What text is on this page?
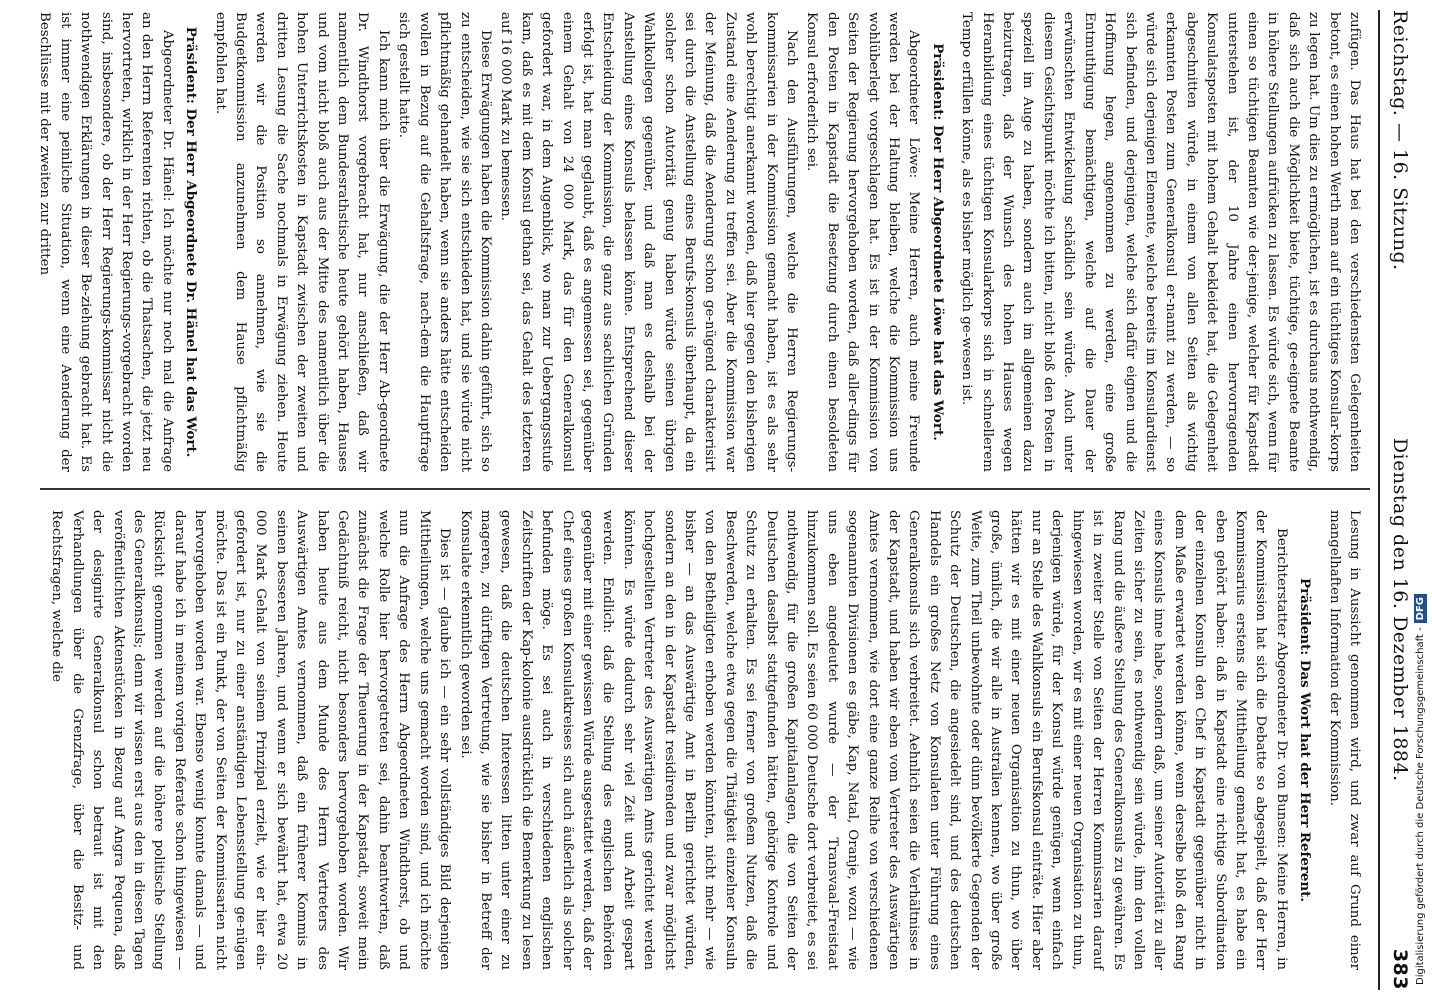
Reichstag. — 16. Sitzung.
Dienstag den 16. Dezember 1884.
383

zufügen. Das Haus hat bei den verschiedensten Gelegenheiten betont, es einen hohen Werth man auf ein tüchtiges Konsular-korps zu legen hat. Um dies zu ermöglichen, ist es durchaus nothwendig, daß sich auch die Möglichkeit biete, tüchtige, ge-eignete Beamte in höhere Stellungen aufrücken zu lassen. Es würde sich, wenn für einen so tüchtigen Beamten wie der-jenige, welcher für Kapstadt unterstehen ist, der 10 Jahre einen hervorragenden Konsulatsposten mit hohem Gehalt bekleidet hat, die Gelegenheit abgeschnitten würde, in einem von allen Seiten als wichtig erkannten Posten zum Generalkonsul er-nannt zu werden, — so würde sich derjenigen Elemente, welche bereits im Konsulardienst sich befinden, und derjenigen, welche sich dafür eignen und die Hoffnung hegen, angenommen zu werden, eine große Entmuthigung bemächtigen, welche auf die Dauer der erwünschten Entwickelung schädlich sein würde. Auch unter diesem Gesichtspunkt möchte ich bitten, nicht bloß den Posten in speziell im Auge zu haben, sondern auch im allgemeinen dazu beizutragen, daß der Wunsch des hohen Hauses wegen Heranbildung eines tüchtigen Konsularkorps sich in schnellerem Tempo erfüllen könne, als es bisher möglich ge-wesen ist.

Präsident: Der Herr Abgeordnete Löwe hat das Wort.

Abgeordneter Löwe: Meine Herren, auch meine Freunde werden bei der Haltung bleiben, welche die Kommission uns wohlüberlegt vorgeschlagen hat. Es ist in der Kommission von Seiten der Regierung hervorgehoben worden, daß aller-dings für den Posten in Kapstadt die Besetzung durch einen besoldeten Konsul erforderlich sei.

Nach den Ausführungen, welche die Herren Regierungs-kommissarien in der Kommission gemacht haben, ist es als sehr wohl berechtigt anerkannt worden, daß hier gegen den bisherigen Zustand eine Aenderung zu treffen sei. Aber die Kommission war der Meinung, daß die Aenderung schon ge-nügend charakterisirt sei durch die Anstellung eines Berufs-konsuls überhaupt, da ein solcher schon Autorität genug haben würde seinen übrigen Wahlkollegen gegenüber, und daß man es deshalb bei der Anstellung eines Konsuls belassen könne. Entsprechend dieser Entscheidung der Kommission, die ganz aus sachlichen Gründen erfolgt ist, hat man geglaubt, daß es angemessen sei, gegenüber einem Gehalt von 24 000 Mark, das für den Generalkonsul gefordert war, in dem Augenblick, wo man zur Uebergangsstufe kam, daß es mit dem Konsul gethan sei, das Gehalt des letzteren auf 16 000 Mark zu bemessen.

Diese Erwägungen haben die Kommission dahin geführt, sich so zu entscheiden, wie sie sich entschieden hat, und sie würde nicht pflichtmäßig gehandelt haben, wenn sie anders hätte entscheiden wollen in Bezug auf die Gehaltsfrage, nach-dem die Hauptfrage sich gestellt hatte.

Ich kann mich über die Erwägung, die der Herr Ab-geordnete Dr. Windthorst vorgebracht hat, nur anschließen, daß wir namentlich dem Bundesrathstische heute gehört haben, Hauses und vom nicht bloß auch aus der Mitte des namentlich über die hohen Unterrichtskosten in Kapstadt zwischen der zweiten und dritten Lesung die Sache nochmals in Erwägung ziehen. Heute werden wir die Position so annehmen, wie sie die Budgetkommission anzunehmen dem Hause pflichtmäßig empfohlen hat.

Präsident: Der Herr Abgeordnete Dr. Hänel hat das Wort.

Abgeordneter Dr. Hänel: Ich möchte nur noch mal die Anfrage an den Herrn Referenten richten, ob die Thatsachen, die jetzt neu hervortreten, wirklich in der Herr Regierungs-vorgebracht worden sind, insbesondere, ob der Herr Regierungs-kommissar nicht die nothwendigen Erklärungen in dieser Be-ziehung gebracht hat. Es ist immer eine peinliche Situation, wenn eine Aenderung der Beschlüsse mit der zweiten zur dritten

Lesung in Aussicht genommen wird, und zwar auf Grund einer mangelhaften Information der Kommission.

Präsident: Das Wort hat der Herr Referent.

Berichterstatter Abgeordneter Dr. von Bunsen: Meine Herren, in der Kommission hat sich die Debatte so abgespielt, daß der Herr Kommissarius erstens die Mittheilung gemacht hat, es habe ein eben gehört haben: daß in Kapstadt eine richtige Subordination der einzelnen Konsuln den Chef in Kapstadt gegenüber nicht in dem Maße erwartet werden könne, wenn derselbe bloß den Rang eines Konsuls inne habe, sondern daß, um seiner Autorität zu aller Zeiten sicher zu sein, es nothwendig sein würde, ihm den vollen Rang und die äußere Stellung des Generalkonsuls zu gewähren. Es ist in zweiter Stelle von Seiten der Herren Kommissarien darauf hingewiesen worden, wir es mit einer neuen Organisation zu thun, derjenigen würde, für der Konsul würde genügen, wenn einfach nur an Stelle des Wahlkonsuls ein Berufskonsul einträte. Hier aber hätten wir es mit einer neuen Organisation zu thun, wo über große, ümlich, die wir alle in Australien kennen, wo über große Weite, zum Theil unbewohnte oder dünn bevölkerte Gegenden der Schutz der Deutschen, die angesiedelt sind, und des deutschen Handels ein großes Netz von Konsulaten unter Führung eines Generalkonsuls sich verbreitet. Aehnlich seien die Verhältnisse in der Kapstadt, und haben wir eben vom Vertreter des Auswärtigen Amtes vernommen, wie dort eine ganze Reihe von verschiedenen sogenannten Divisionen es gäbe, Kap, Natal, Oranje, wozu — wie uns eben angedeutet wurde — der Transvaal-Freistaat hinzukommen soll. Es seien 60 000 Deutsche dort verbreitet, es sei nothwendig, für die großen Kapitalanlagen, die von Seiten der Deutschen daselbst stattgefunden hätten, gehörige Kontrole und Schutz zu erhalten. Es sei ferner von großem Nutzen, daß die Beschwerden, welche etwa gegen die Thätigkeit einzelner Konsuln von den Betheiligten erhoben werden könnten, nicht mehr — wie bisher — an das Auswärtige Amt in Berlin gerichtet würden, sondern an den in der Kapstadt residirenden und zwar möglichst hochgestellten Vertreter des Auswärtigen Amts gerichtet werden könnten. Es würde dadurch sehr viel Zeit und Arbeit gespart werden. Endlich: daß die Stellung des englischen Behörden gegenüber mit einer gewissen Würde ausgestattet werden, daß der Chef eines großen Konsulatkreises sich auch äußerlich als solcher befunden möge. Es sei auch in verschiedenen englischen Zeitschriften der Kap-kolonie ausdrücklich die Bemerkung zu lesen gewesen, daß die deutschen Interessen litten unter einer zu mageren, zu dürftigen Vertretung, wie sie bisher in Betreff der Konsulate erkenntlich geworden sei.

Dies ist — glaube ich — ein sehr vollständiges Bild derjenigen Mittheilungen, welche uns gemacht worden sind, und ich möchte nun die Anfrage des Herrn Abgeordneten Windthorst, ob und welche Rolle hier hervorgetreten sei, dahin beantworten, daß zunächst die Frage der Theuerung in der Kapstadt, soweit mein Gedächtniß reicht, nicht besonders hervorgehoben worden. Wir haben heute aus dem Munde des Herrn Vertreters des Auswärtigen Amtes vernommen, daß ein früherer Kommis in seinen besseren Jahren, und wenn er sich bewährt hat, etwa 20 000 Mark Gehalt von seinem Prinzipal erzielt, wie er hier ein-gefordert ist, nur zu einer anständigen Lebensstellung ge-nügen möchte. Das ist ein Punkt, der von Seiten der Kommissarien nicht hervorgehoben worden war. Ebenso wenig konnte damals — und darauf habe ich in meinem vorigen Referate schon hingewiesen — Rücksicht genommen werden auf die höhere politische Stellung des Generalkonsuls; denn wir wissen erst aus den in diesen Tagen veröffentlichten Aktenstücken in Bezug auf Angra Pequena, daß der designirte Generalkonsul schon betraut ist mit den Verhandlungen über die Grenzfrage, über die Besitz- und Rechtsfragen, welche die

Digitalisierung gefördert durch die Deutsche Forschungsgemeinschaft -DFG
